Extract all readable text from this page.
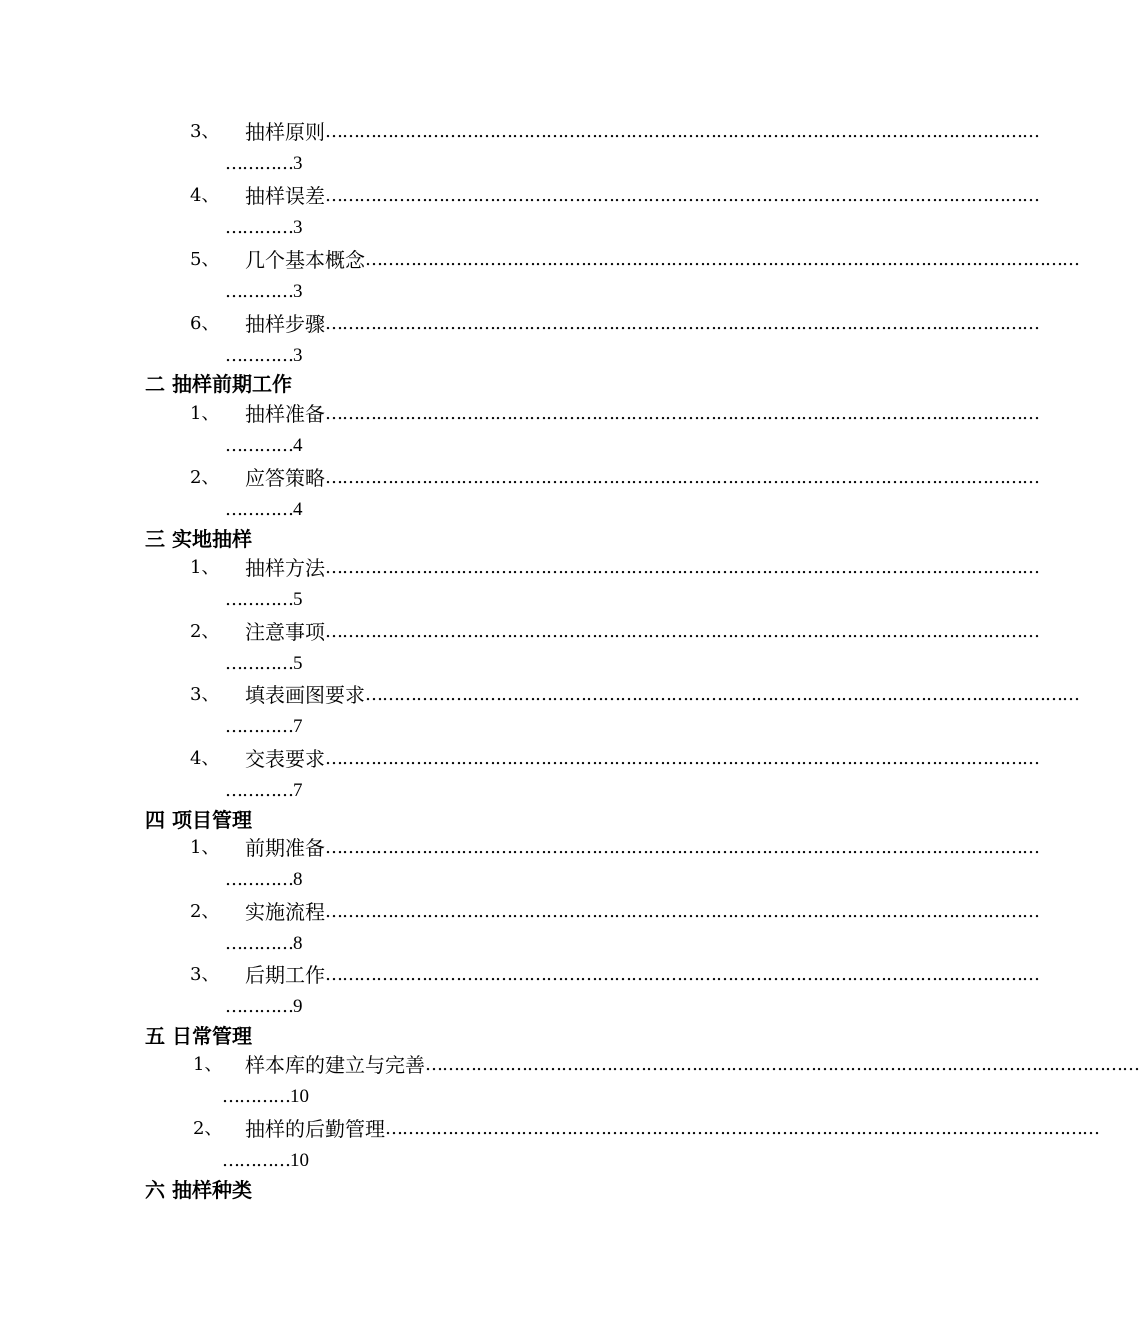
3、 抽样原则 ………………………………………………………………………………………………………………
…………3
4、 抽样误差 ………………………………………………………………………………………………………………
…………3
5、 几个基本概念 ………………………………………………………………………………………………………………
…………3
6、 抽样步骤 ………………………………………………………………………………………………………………
…………3
二 抽样前期工作
1、 抽样准备 ………………………………………………………………………………………………………………
…………4
2、 应答策略 ………………………………………………………………………………………………………………
…………4
三 实地抽样
1、 抽样方法 ………………………………………………………………………………………………………………
…………5
2、 注意事项 ………………………………………………………………………………………………………………
…………5
3、 填表画图要求 ………………………………………………………………………………………………………………
…………7
4、 交表要求 ………………………………………………………………………………………………………………
…………7
四 项目管理
1、 前期准备 ………………………………………………………………………………………………………………
…………8
2、 实施流程 ………………………………………………………………………………………………………………
…………8
3、 后期工作 ………………………………………………………………………………………………………………
…………9
五 日常管理
1、 样本库的建立与完善 ………………………………………………………………………………………………………………
…………10
2、 抽样的后勤管理 ………………………………………………………………………………………………………………
…………10
六 抽样种类
